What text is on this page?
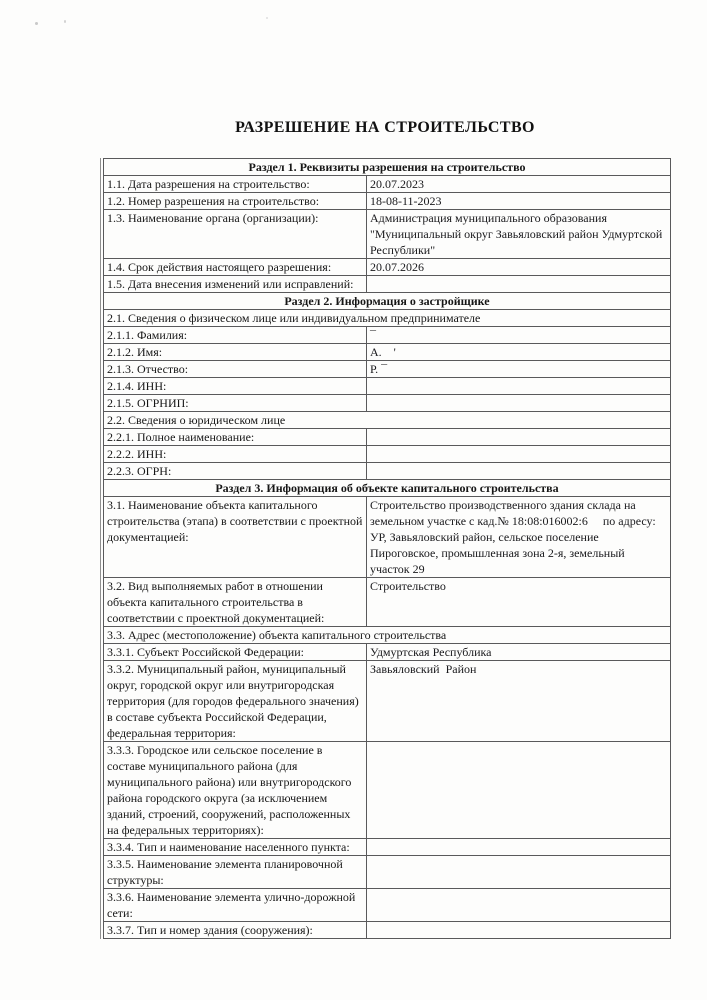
РАЗРЕШЕНИЕ НА СТРОИТЕЛЬСТВО
Раздел 1. Реквизиты разрешения на строительство	
1.1. Дата разрешения на строительство:	20.07.2023
1.2. Номер разрешения на строительство:	18-08-11-2023
1.3. Наименование органа (организации):	Администрация муниципального образования "Муниципальный округ Завьяловский район Удмуртской Республики"
1.4. Срок действия настоящего разрешения:	20.07.2026
1.5. Дата внесения изменений или исправлений:	
Раздел 2. Информация о застройщике	
2.1. Сведения о физическом лице или индивидуальном предпринимателе	
2.1.1. Фамилия:	¯
2.1.2. Имя:	А.    '
2.1.3. Отчество:	Р. ¯
2.1.4. ИНН:	
2.1.5. ОГРНИП:	
2.2. Сведения о юридическом лице	
2.2.1. Полное наименование:	
2.2.2. ИНН:	
2.2.3. ОГРН:	
Раздел 3. Информация об объекте капитального строительства	
3.1. Наименование объекта капитального строительства (этапа) в соответствии с проектной документацией:	Строительство производственного здания склада на земельном участке с кад.№ 18:08:016002:6     по адресу: УР, Завьяловский район, сельское поселение Пироговское, промышленная зона 2-я, земельный участок 29
3.2. Вид выполняемых работ в отношении объекта капитального строительства в соответствии с проектной документацией:	Строительство
3.3. Адрес (местоположение) объекта капитального строительства	
3.3.1. Субъект Российской Федерации:	Удмуртская Республика
3.3.2. Муниципальный район, муниципальный округ, городской округ или внутригородская территория (для городов федерального значения) в составе субъекта Российской Федерации, федеральная территория:	Завьяловский  Район
3.3.3. Городское или сельское поселение в составе муниципального района (для муниципального района) или внутригородского района городского округа (за исключением зданий, строений, сооружений, расположенных на федеральных территориях):	
3.3.4. Тип и наименование населенного пункта:	
3.3.5. Наименование элемента планировочной структуры:	
3.3.6. Наименование элемента улично-дорожной сети:	
3.3.7. Тип и номер здания (сооружения):	
